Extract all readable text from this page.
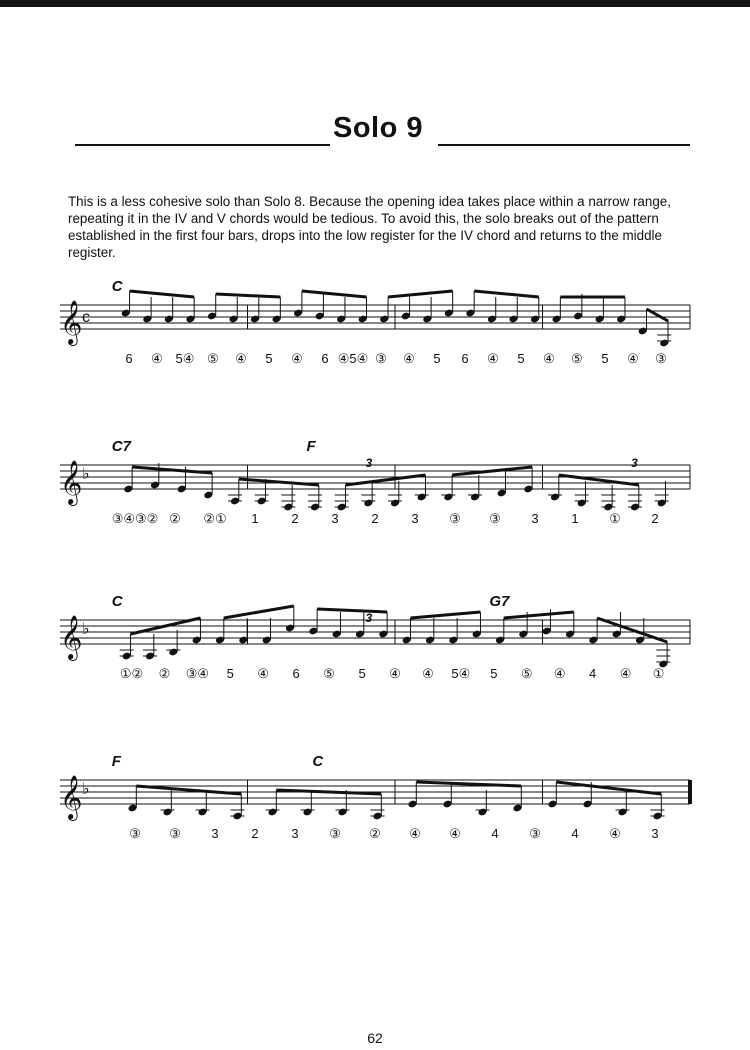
Solo 9

This is a less cohesive solo than Solo 8. Because the opening idea takes place within a narrow range, repeating it in the IV and V chords would be tedious. To avoid this, the solo breaks out of the pattern established in the first four bars, drops into the low register for the IV chord and returns to the middle register.

𝄞 c
C
6 ④ 5④ ⑤ ④ 5 ④ 6 ④5④ ③ ④ 5 6 ④ 5 ④ ⑤ 5 ④ ③
𝄞 ♭
C7	F
3	3
③④③② ② ②① 1	2	3	2	3 ③ ③ 3	1 ① 2
𝄞 ♭
C	G7
3
①② ② ③④ 5 ④ 6 ⑤ 5 ④ ④ 5④ 5 ⑤ ④ 4 ④ ①
𝄞 ♭
F	C
③ ③ 3	2	3 ③ ② ④ ④ 4 ③ 4 ④ 3
62
